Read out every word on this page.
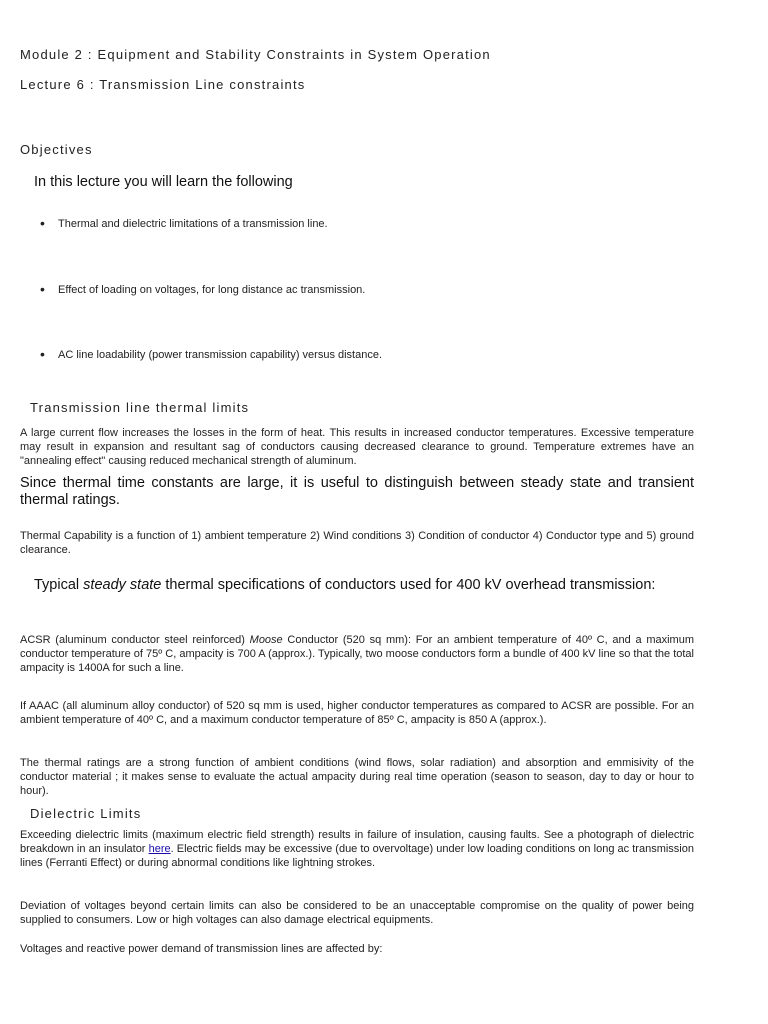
Module 2 : Equipment and Stability Constraints in System Operation
Lecture 6 : Transmission Line constraints
Objectives
In this lecture you will learn the following
• Thermal and dielectric limitations of a transmission line.
• Effect of loading on voltages, for long distance ac transmission.
• AC line loadability (power transmission capability) versus distance.
Transmission line thermal limits

A large current flow increases the losses in the form of heat. This results in increased conductor temperatures. Excessive temperature may result in expansion and resultant sag of conductors causing decreased clearance to ground. Temperature extremes have an "annealing effect" causing reduced mechanical strength of aluminum.

Since thermal time constants are large, it is useful to distinguish between steady state and transient thermal ratings.

Thermal Capability is a function of 1) ambient temperature 2) Wind conditions 3) Condition of conductor 4) Conductor type and 5) ground clearance.

Typical steady state thermal specifications of conductors used for 400 kV overhead transmission:

ACSR (aluminum conductor steel reinforced) Moose Conductor (520 sq mm): For an ambient temperature of 40º C, and a maximum conductor temperature of 75º C, ampacity is 700 A (approx.). Typically, two moose conductors form a bundle of 400 kV line so that the total ampacity is 1400A for such a line.

If AAAC (all aluminum alloy conductor) of 520 sq mm is used, higher conductor temperatures as compared to ACSR are possible. For an ambient temperature of 40º C, and a maximum conductor temperature of 85º C, ampacity is 850 A (approx.).

The thermal ratings are a strong function of ambient conditions (wind flows, solar radiation) and absorption and emmisivity of the conductor material ; it makes sense to evaluate the actual ampacity during real time operation (season to season, day to day or hour to hour).

Dielectric Limits

Exceeding dielectric limits (maximum electric field strength) results in failure of insulation, causing faults. See a photograph of dielectric breakdown in an insulator here. Electric fields may be excessive (due to overvoltage) under low loading conditions on long ac transmission lines (Ferranti Effect) or during abnormal conditions like lightning strokes.

Deviation of voltages beyond certain limits can also be considered to be an unacceptable compromise on the quality of power being supplied to consumers. Low or high voltages can also damage electrical equipments.

Voltages and reactive power demand of transmission lines are affected by:
